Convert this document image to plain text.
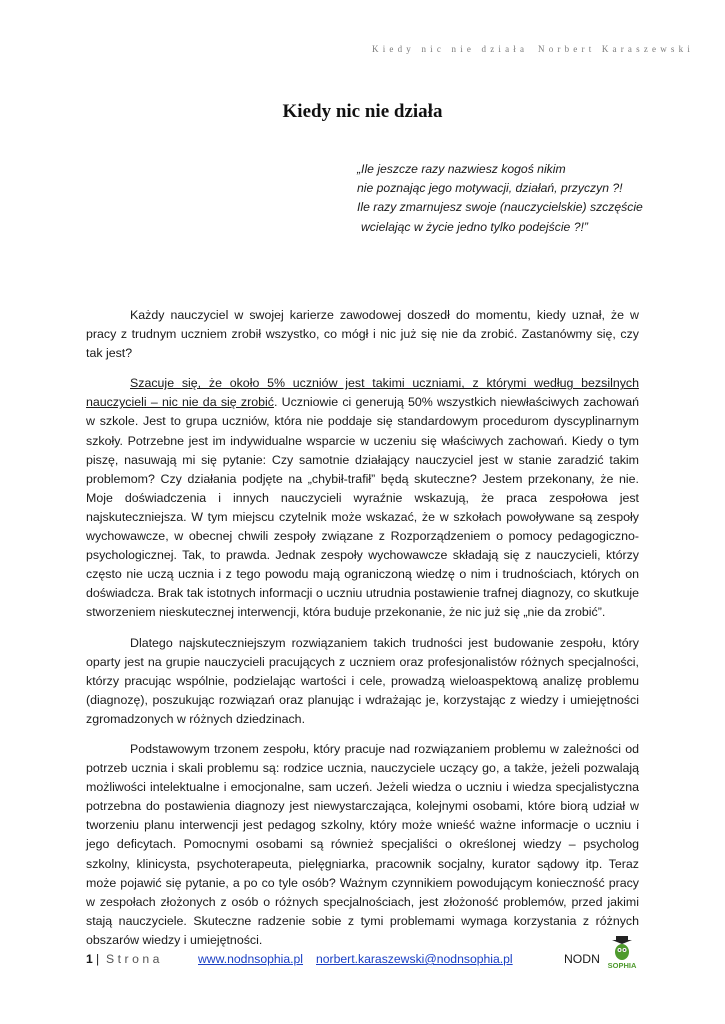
Kiedy nic nie działa Norbert Karaszewski
Kiedy nic nie działa
„Ile jeszcze razy nazwiesz kogoś nikim
nie poznając jego motywacji, działań, przyczyn ?!
Ile razy zmarnujesz swoje (nauczycielskie) szczęście
wcielając w życie jedno tylko podejście ?!”

Każdy nauczyciel w swojej karierze zawodowej doszedł do momentu, kiedy uznał, że w pracy z trudnym uczniem zrobił wszystko, co mógł i nic już się nie da zrobić. Zastanówmy się, czy tak jest?

Szacuje się, że około 5% uczniów jest takimi uczniami, z którymi według bezsilnych nauczycieli – nic nie da się zrobić. Uczniowie ci generują 50% wszystkich niewłaściwych zachowań w szkole. Jest to grupa uczniów, która nie poddaje się standardowym procedurom dyscyplinarnym szkoły. Potrzebne jest im indywidualne wsparcie w uczeniu się właściwych zachowań. Kiedy o tym piszę, nasuwają mi się pytanie: Czy samotnie działający nauczyciel jest w stanie zaradzić takim problemom? Czy działania podjęte na „chybił-trafił” będą skuteczne? Jestem przekonany, że nie. Moje doświadczenia i innych nauczycieli wyraźnie wskazują, że praca zespołowa jest najskuteczniejsza. W tym miejscu czytelnik może wskazać, że w szkołach powoływane są zespoły wychowawcze, w obecnej chwili zespoły związane z Rozporządzeniem o pomocy pedagogiczno-psychologicznej. Tak, to prawda. Jednak zespoły wychowawcze składają się z nauczycieli, którzy często nie uczą ucznia i z tego powodu mają ograniczoną wiedzę o nim i trudnościach, których on doświadcza. Brak tak istotnych informacji o uczniu utrudnia postawienie trafnej diagnozy, co skutkuje stworzeniem nieskutecznej interwencji, która buduje przekonanie, że nic już się „nie da zrobić”.

Dlatego najskuteczniejszym rozwiązaniem takich trudności jest budowanie zespołu, który oparty jest na grupie nauczycieli pracujących z uczniem oraz profesjonalistów różnych specjalności, którzy pracując wspólnie, podzielając wartości i cele, prowadzą wieloaspektową analizę problemu (diagnozę), poszukując rozwiązań oraz planując i wdrażając je, korzystając z wiedzy i umiejętności zgromadzonych w różnych dziedzinach.

Podstawowym trzonem zespołu, który pracuje nad rozwiązaniem problemu w zależności od potrzeb ucznia i skali problemu są: rodzice ucznia, nauczyciele uczący go, a także, jeżeli pozwalają możliwości intelektualne i emocjonalne, sam uczeń. Jeżeli wiedza o uczniu i wiedza specjalistyczna potrzebna do postawienia diagnozy jest niewystarczająca, kolejnymi osobami, które biorą udział w tworzeniu planu interwencji jest pedagog szkolny, który może wnieść ważne informacje o uczniu i jego deficytach. Pomocnymi osobami są również specjaliści o określonej wiedzy – psycholog szkolny, klinicysta, psychoterapeuta, pielęgniarka, pracownik socjalny, kurator sądowy itp. Teraz może pojawić się pytanie, a po co tyle osób? Ważnym czynnikiem powodującym konieczność pracy w zespołach złożonych z osób o różnych specjalnościach, jest złożoność problemów, przed jakimi stają nauczyciele. Skuteczne radzenie sobie z tymi problemami wymaga korzystania z różnych obszarów wiedzy i umiejętności.

1 | Strona	www.nodnsophia.pl norbert.karaszewski@nodnsophia.pl	NODN SOPHIA
